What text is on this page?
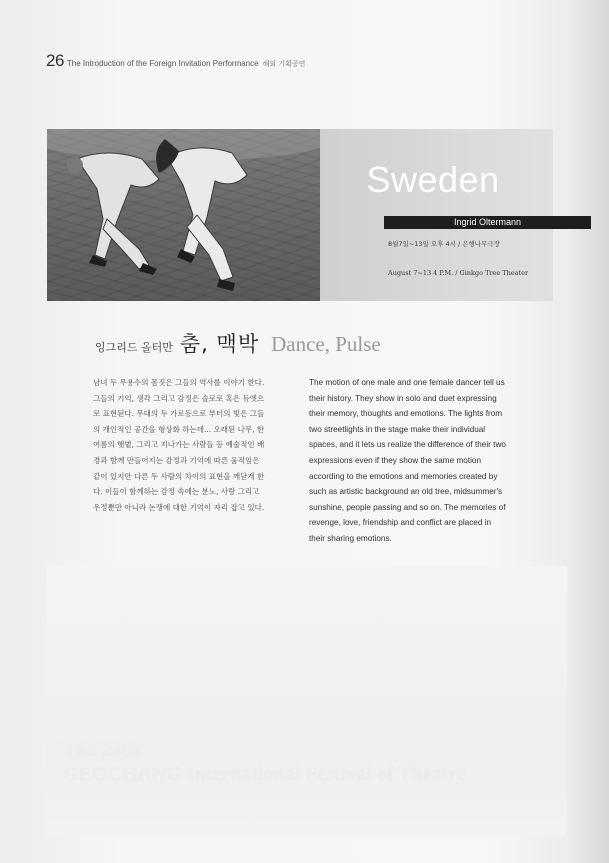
26 The Introduction of the Foreign Invitation Performance 해외 기획공연
Sweden
Ingrid Oltermann
8월7일~13일 오후 4시 / 은행나무극장
August 7~13 4 P.M. / Ginkgo Tree Theater
잉그리드 올터만 춤, 맥박 Dance, Pulse

남녀 두 무용수의 몸짓은 그들의 역사를 이야기 한다.
그들의 기억, 생각 그리고 감정은 솔로로 혹은 듀엣으
로 표현된다. 무대의 두 가로등으로 부터의 빛은 그들
의 개인적인 공간을 형상화 하는데... 오래된 나무, 한
여름의 햇볕, 그리고 지나가는 사람들 등 예술적인 배
경과 함께 만들어지는 감정과 기억에 따른 움직임은
같이 있지만 다른 두 사람의 차이의 표현을 깨닫게 한
다. 이들이 함께하는 감정 속에는 분노, 사랑 그리고
우정뿐만 아니라 논쟁에 대한 기억이 자리 잡고 있다.

The motion of one male and one female dancer tell us
their history. They show in solo and duet expressing
their memory, thoughts and emotions. The lights from
two streetlights in the stage make their individual
spaces, and it lets us realize the difference of their two
expressions even if they show the same motion
according to the emotions and memories created by
such as artistic background an old tree, midsummer's
sunshine, people passing and so on. The memories of
revenge, love, friendship and conflict are placed in
their sharing emotions.

The 24th
GEOCHANG International Festival of Theatre
